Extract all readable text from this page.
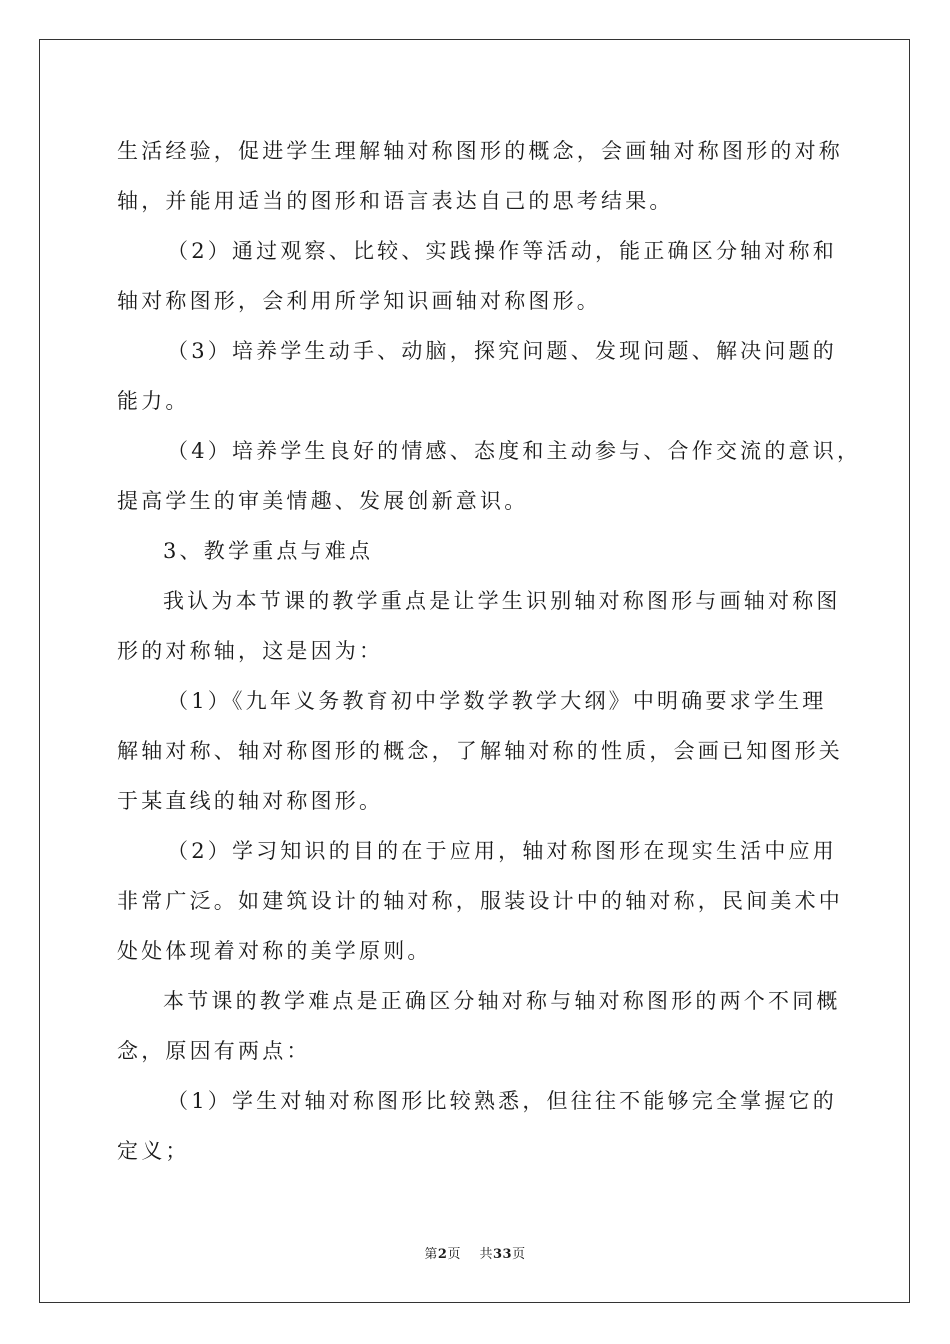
生活经验，促进学生理解轴对称图形的概念，会画轴对称图形的对称
轴，并能用适当的图形和语言表达自己的思考结果。
（2）通过观察、比较、实践操作等活动，能正确区分轴对称和
轴对称图形，会利用所学知识画轴对称图形。
（3）培养学生动手、动脑，探究问题、发现问题、解决问题的
能力。
（4）培养学生良好的情感、态度和主动参与、合作交流的意识，
提高学生的审美情趣、发展创新意识。
3、教学重点与难点
我认为本节课的教学重点是让学生识别轴对称图形与画轴对称图
形的对称轴，这是因为：
（1）《九年义务教育初中学数学教学大纲》中明确要求学生理
解轴对称、轴对称图形的概念，了解轴对称的性质，会画已知图形关
于某直线的轴对称图形。
（2）学习知识的目的在于应用，轴对称图形在现实生活中应用
非常广泛。如建筑设计的轴对称，服装设计中的轴对称，民间美术中
处处体现着对称的美学原则。
本节课的教学难点是正确区分轴对称与轴对称图形的两个不同概
念，原因有两点：
（1）学生对轴对称图形比较熟悉，但往往不能够完全掌握它的
定义；
第2页 共33页
